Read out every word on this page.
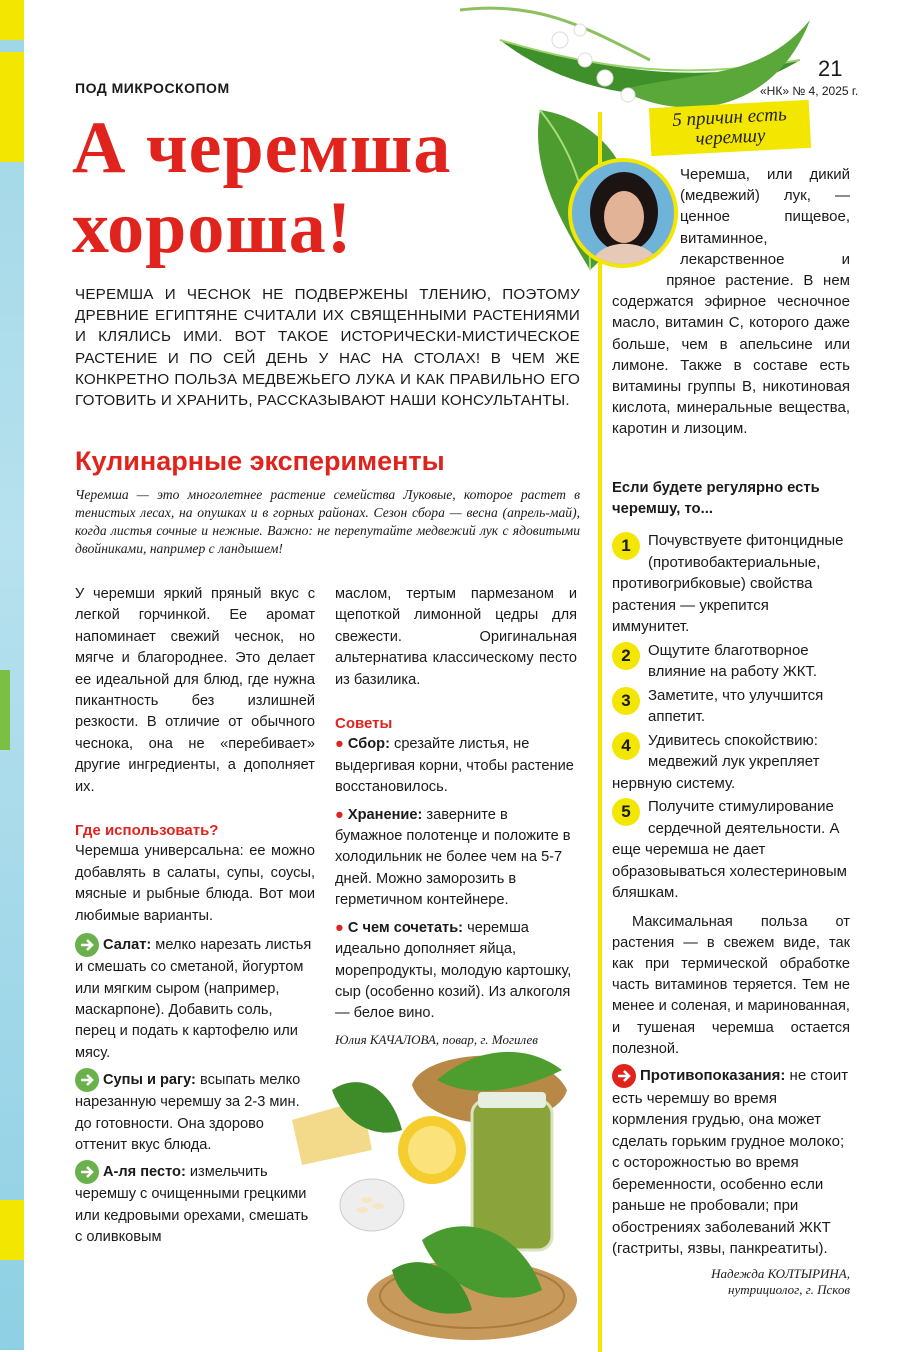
ПОД МИКРОСКОПОМ
21
«НК» № 4, 2025 г.
А черемша
хороша!
ЧЕРЕМША И ЧЕСНОК НЕ ПОДВЕРЖЕНЫ ТЛЕНИЮ, ПОЭТОМУ ДРЕВНИЕ ЕГИПТЯНЕ СЧИТАЛИ ИХ СВЯЩЕННЫМИ РАСТЕНИЯМИ И КЛЯЛИСЬ ИМИ. ВОТ ТАКОЕ ИСТОРИЧЕСКИ-МИСТИЧЕСКОЕ РАСТЕНИЕ И ПО СЕЙ ДЕНЬ У НАС НА СТОЛАХ! В ЧЕМ ЖЕ КОНКРЕТНО ПОЛЬЗА МЕДВЕЖЬЕГО ЛУКА И КАК ПРАВИЛЬНО ЕГО ГОТОВИТЬ И ХРАНИТЬ, РАССКАЗЫВАЮТ НАШИ КОНСУЛЬТАНТЫ.
Кулинарные эксперименты
Черемша — это многолетнее растение семейства Луковые, которое растет в тенистых лесах, на опушках и в горных районах. Сезон сбора — весна (апрель-май), когда листья сочные и нежные. Важно: не перепутайте медвежий лук с ядовитыми двойниками, например с ландышем!

У черемши яркий пряный вкус с легкой горчинкой. Ее аромат напоминает свежий чеснок, но мягче и благороднее. Это делает ее идеальной для блюд, где нужна пикантность без излишней резкости. В отличие от обычного чеснока, она не «перебивает» другие ингредиенты, а дополняет их.

Где использовать?

Черемша универсальна: ее можно добавлять в салаты, супы, соусы, мясные и рыбные блюда. Вот мои любимые варианты.

Салат: мелко нарезать листья и смешать со сметаной, йогуртом или мягким сыром (например, маскарпоне). Добавить соль, перец и подать к картофелю или мясу.

Супы и рагу: всыпать мелко нарезанную черемшу за 2-3 мин. до готовности. Она здорово оттенит вкус блюда.

А-ля песто: измельчить черемшу с очищенными грецкими или кедровыми орехами, смешать с оливковым

маслом, тертым пармезаном и щепоткой лимонной цедры для свежести. Оригинальная альтернатива классическому песто из базилика.

Советы

● Сбор: срезайте листья, не выдергивая корни, чтобы растение восстановилось.

● Хранение: заверните в бумажное полотенце и положите в холодильник не более чем на 5-7 дней. Можно заморозить в герметичном контейнере.

● С чем сочетать: черемша идеально дополняет яйца, морепродукты, молодую картошку, сыр (особенно козий). Из алкоголя — белое вино.

Юлия КАЧАЛОВА, повар, г. Могилев

5 причин есть черемшу
Черемша, или дикий (медвежий) лук, — ценное пищевое, витаминное, лекарственное и пряное растение. В нем содержатся эфирное чесночное масло, витамин С, которого даже больше, чем в апельсине или лимоне. Также в составе есть витамины группы В, никотиновая кислота, минеральные вещества, каротин и лизоцим.

Если будете регулярно есть черемшу, то...

1	Почувствуете фитонцидные (противобактериальные, противогрибковые) свойства растения — укрепится иммунитет.
2	Ощутите благотворное влияние на работу ЖКТ.
3	Заметите, что улучшится аппетит.
4	Удивитесь спокойствию: медвежий лук укрепляет нервную систему.
5	Получите стимулирование сердечной деятельности. А еще черемша не дает образовываться холестериновым бляшкам.

Максимальная польза от растения — в свежем виде, так как при термической обработке часть витаминов теряется. Тем не менее и соленая, и маринованная, и тушеная черемша остается полезной.

Противопоказания: не стоит есть черемшу во время кормления грудью, она может сделать горьким грудное молоко; с осторожностью во время беременности, особенно если раньше не пробовали; при обострениях заболеваний ЖКТ (гастриты, язвы, панкреатиты).

Надежда КОЛТЫРИНА,

нутрициолог, г. Псков
